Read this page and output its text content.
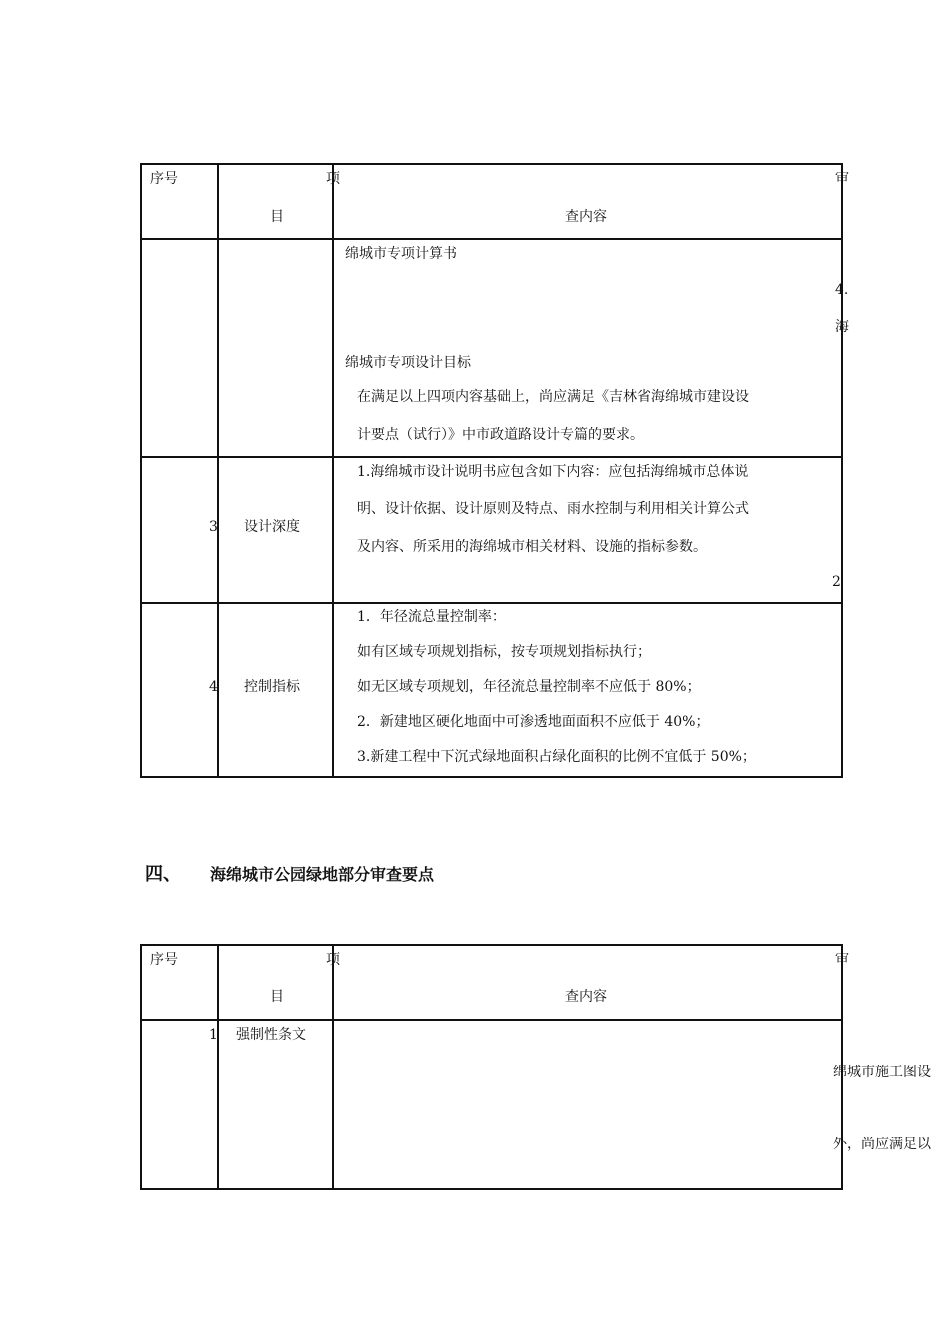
序号	项
目
审
查内容
绵城市专项计算书
4.
海
绵城市专项设计目标
在满足以上四项内容基础上，尚应满足《吉林省海绵城市建设设
计要点（试行）》中市政道路设计专篇的要求。
3 设计深度
1.海绵城市设计说明书应包含如下内容：应包括海绵城市总体说
明、设计依据、设计原则及特点、雨水控制与利用相关计算公式
及内容、所采用的海绵城市相关材料、设施的指标参数。
2
4 控制指标
1．年径流总量控制率：
如有区域专项规划指标，按专项规划指标执行；
如无区域专项规划，年径流总量控制率不应低于 80%；
2．新建地区硬化地面中可渗透地面面积不应低于 40%；
3.新建工程中下沉式绿地面积占绿化面积的比例不宜低于 50%；
四、 海绵城市公园绿地部分审查要点
序号	项
目
审
查内容
1 强制性条文
绵城市施工图设
外，尚应满足以
